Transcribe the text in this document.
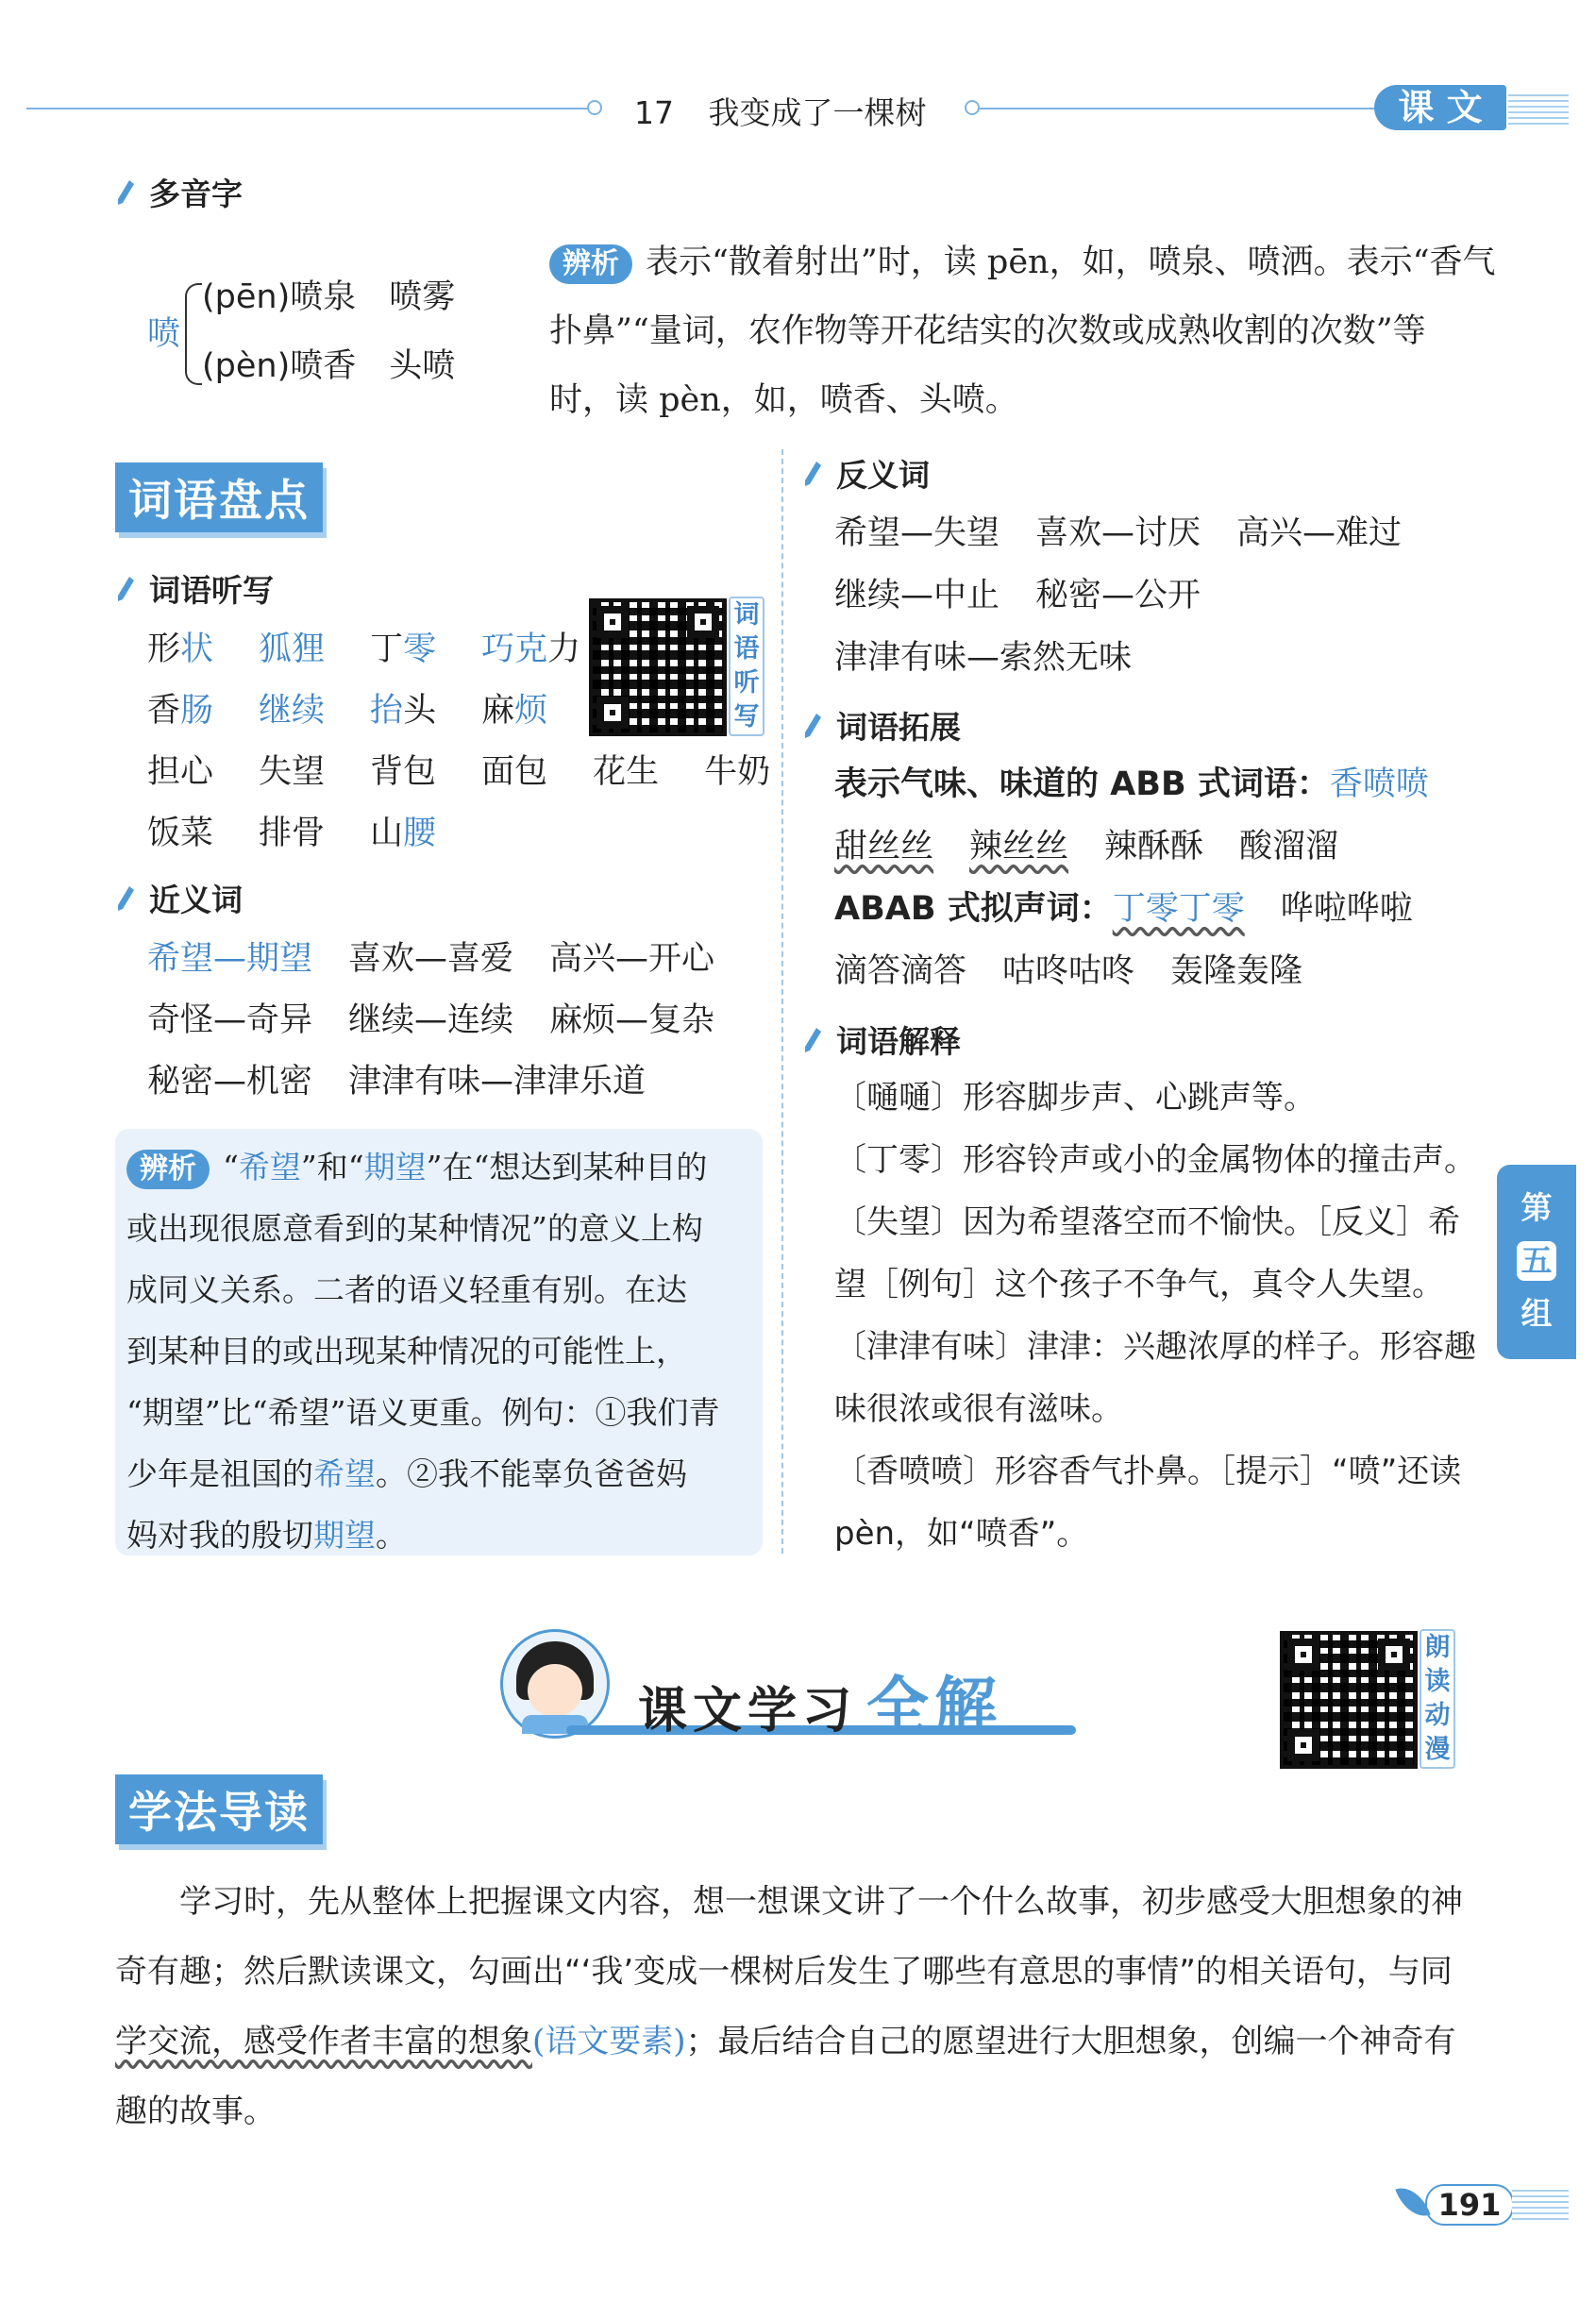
17 我变成了一棵树	课 文
多音字
喷
(pēn)喷泉　喷雾
(pèn)喷香　头喷
辨析 表示“散着射出”时，读 pēn，如，喷泉、喷洒。表示“香气
扑鼻”“量词，农作物等开花结实的次数或成熟收割的次数”等
时，读 pèn，如，喷香、头喷。
词语盘点
词语听写
形状 狐狸 丁零 巧克力
香肠 继续 抬头 麻烦
担心 失望 背包 面包 花生 牛奶
饭菜 排骨 山腰
词
语
听
写
近义词
希望—期望 喜欢—喜爱 高兴—开心
奇怪—奇异 继续—连续 麻烦—复杂
秘密—机密 津津有味—津津乐道
辨析 “希望”和“期望”在“想达到某种目的
或出现很愿意看到的某种情况”的意义上构
成同义关系。二者的语义轻重有别。在达
到某种目的或出现某种情况的可能性上，
“期望”比“希望”语义更重。例句：①我们青
少年是祖国的希望。②我不能辜负爸爸妈
妈对我的殷切期望。
反义词
希望—失望 喜欢—讨厌 高兴—难过
继续—中止 秘密—公开
津津有味—索然无味
词语拓展
表示气味、味道的 ABB 式词语：香喷喷
甜丝丝 辣丝丝 辣酥酥 酸溜溜
ABAB 式拟声词：丁零丁零 哗啦哗啦
滴答滴答 咕咚咕咚 轰隆轰隆
词语解释
〔嗵嗵〕形容脚步声、心跳声等。
〔丁零〕形容铃声或小的金属物体的撞击声。
〔失望〕因为希望落空而不愉快。［反义］希
望［例句］这个孩子不争气，真令人失望。
〔津津有味〕津津：兴趣浓厚的样子。形容趣
味很浓或很有滋味。
〔香喷喷〕形容香气扑鼻。［提示］“喷”还读
pèn，如“喷香”。
第
五
组
课文学习 全解
朗
读
动
漫
学法导读
学习时，先从整体上把握课文内容，想一想课文讲了一个什么故事，初步感受大胆想象的神
奇有趣；然后默读课文，勾画出“‘我’变成一棵树后发生了哪些有意思的事情”的相关语句，与同
学交流，感受作者丰富的想象(语文要素)；最后结合自己的愿望进行大胆想象，创编一个神奇有
趣的故事。
191
